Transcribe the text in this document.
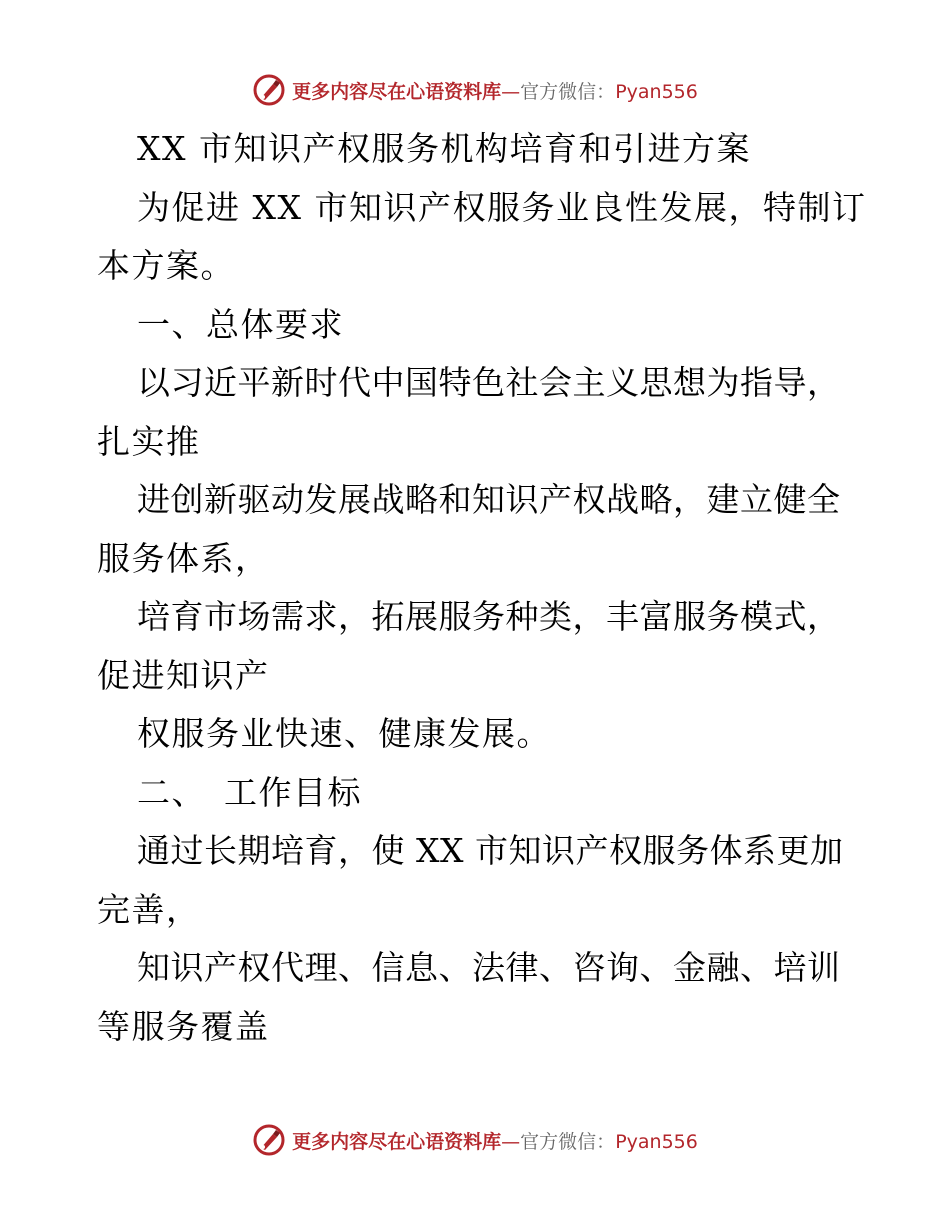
更多内容尽在心语资料库—官方微信：Pyan556
XX 市知识产权服务机构培育和引进方案
为促进 XX 市知识产权服务业良性发展，特制订
本方案。
一、总体要求
以习近平新时代中国特色社会主义思想为指导，
扎实推
进创新驱动发展战略和知识产权战略，建立健全
服务体系，
培育市场需求，拓展服务种类，丰富服务模式，
促进知识产
权服务业快速、健康发展。
二、　工作目标
通过长期培育，使 XX 市知识产权服务体系更加
完善，
知识产权代理、信息、法律、咨询、金融、培训
等服务覆盖
更多内容尽在心语资料库—官方微信：Pyan556
